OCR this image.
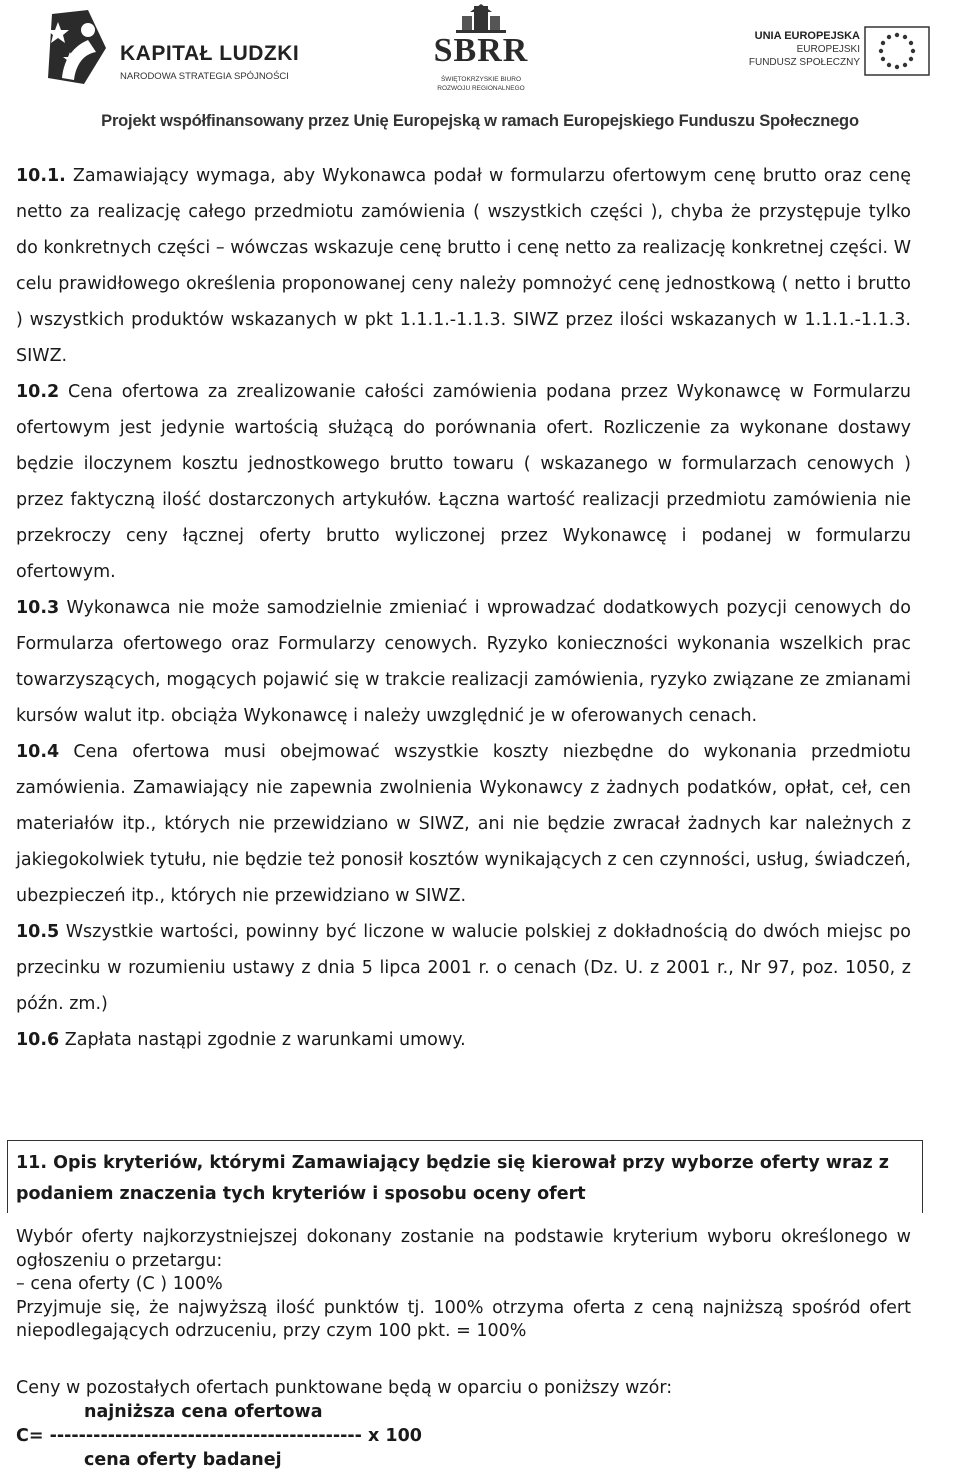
KAPITAŁ LUDZKI
NARODOWA STRATEGIA SPÓJNOŚCI
SBRR
ŚWIĘTOKRZYSKIE BIURO
ROZWOJU REGIONALNEGO
UNIA EUROPEJSKA
EUROPEJSKI
FUNDUSZ SPOŁECZNY
Projekt współfinansowany przez Unię Europejską w ramach Europejskiego Funduszu Społecznego

10.1. Zamawiający wymaga, aby Wykonawca podał w formularzu ofertowym cenę brutto oraz cenę netto za realizację całego przedmiotu zamówienia ( wszystkich części ), chyba że przystępuje tylko do konkretnych części – wówczas wskazuje cenę brutto i cenę netto za realizację konkretnej części. W celu prawidłowego określenia proponowanej ceny należy pomnożyć cenę jednostkową ( netto i brutto ) wszystkich produktów wskazanych w pkt 1.1.1.-1.1.3. SIWZ przez ilości wskazanych w 1.1.1.-1.1.3. SIWZ.

10.2 Cena ofertowa za zrealizowanie całości zamówienia podana przez Wykonawcę w Formularzu ofertowym jest jedynie wartością służącą do porównania ofert. Rozliczenie za wykonane dostawy będzie iloczynem kosztu jednostkowego brutto towaru ( wskazanego w formularzach cenowych ) przez faktyczną ilość dostarczonych artykułów. Łączna wartość realizacji przedmiotu zamówienia nie przekroczy ceny łącznej oferty brutto wyliczonej przez Wykonawcę i podanej w formularzu ofertowym.

10.3 Wykonawca nie może samodzielnie zmieniać i wprowadzać dodatkowych pozycji cenowych do Formularza ofertowego oraz Formularzy cenowych. Ryzyko konieczności wykonania wszelkich prac towarzyszących, mogących pojawić się w trakcie realizacji zamówienia, ryzyko związane ze zmianami kursów walut itp. obciąża Wykonawcę i należy uwzględnić je w oferowanych cenach.

10.4 Cena ofertowa musi obejmować wszystkie koszty niezbędne do wykonania przedmiotu zamówienia. Zamawiający nie zapewnia zwolnienia Wykonawcy z żadnych podatków, opłat, ceł, cen materiałów itp., których nie przewidziano w SIWZ, ani nie będzie zwracał żadnych kar należnych z jakiegokolwiek tytułu, nie będzie też ponosił kosztów wynikających z cen czynności, usług, świadczeń, ubezpieczeń itp., których nie przewidziano w SIWZ.

10.5 Wszystkie wartości, powinny być liczone w walucie polskiej z dokładnością do dwóch miejsc po przecinku w rozumieniu ustawy z dnia 5 lipca 2001 r. o cenach (Dz. U. z 2001 r., Nr 97, poz. 1050, z późn. zm.)

10.6 Zapłata nastąpi zgodnie z warunkami umowy.

11. Opis kryteriów, którymi Zamawiający będzie się kierował przy wyborze oferty wraz z podaniem znaczenia tych kryteriów i sposobu oceny ofert

Wybór oferty najkorzystniejszej dokonany zostanie na podstawie kryterium wyboru określonego w ogłoszeniu o przetargu:

– cena oferty (C ) 100%

Przyjmuje się, że najwyższą ilość punktów tj. 100% otrzyma oferta z ceną najniższą spośród ofert niepodlegających odrzuceniu, przy czym 100 pkt. = 100%

Ceny w pozostałych ofertach punktowane będą w oparciu o poniższy wzór:
najniższa cena ofertowa
C= ------------------------------------------- x 100
cena oferty badanej
